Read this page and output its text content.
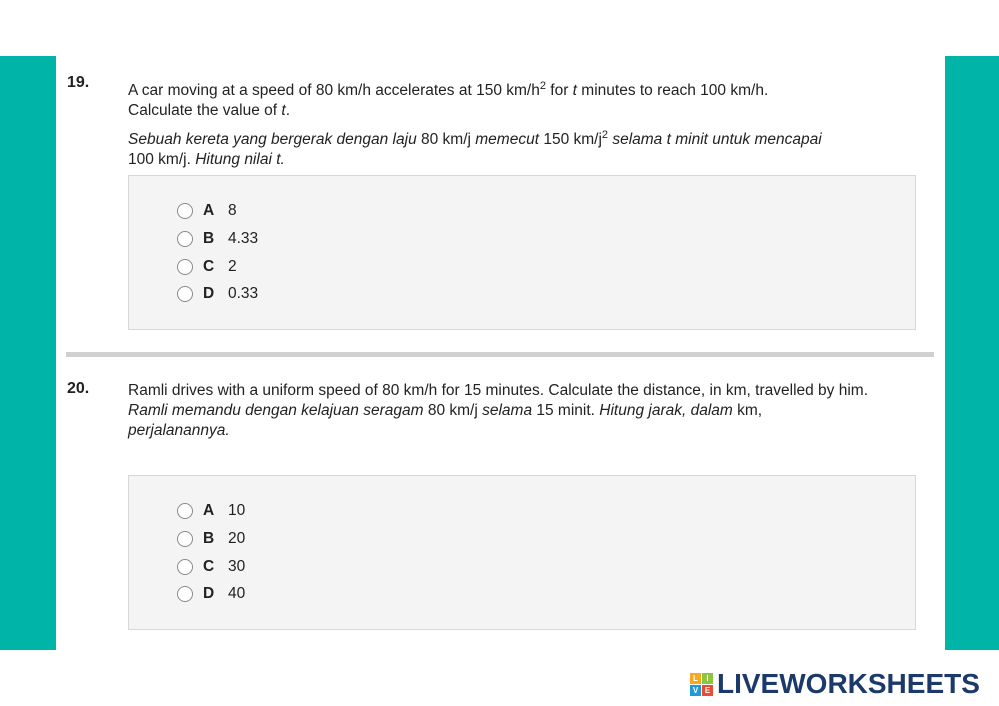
19.	A car moving at a speed of 80 km/h accelerates at 150 $km/h^2$ for t minutes to reach 100 km/h.
Calculate the value of t.
Sebuah kereta yang bergerak dengan laju 80 km/j memecut 150 $km/j^2$ selama t minit untuk mencapai
100 km/j. Hitung nilai t.
A 8
B 4.33
C 2
D 0.33
20.	Ramli drives with a uniform speed of 80 km/h for 15 minutes. Calculate the distance, in km, travelled by him.
Ramli memandu dengan kelajuan seragam 80 km/j selama 15 minit. Hitung jarak, dalam km,
perjalanannya.
A 10
B 20
C 30
D 40
L	I
V E LIVEWORKSHEETS
